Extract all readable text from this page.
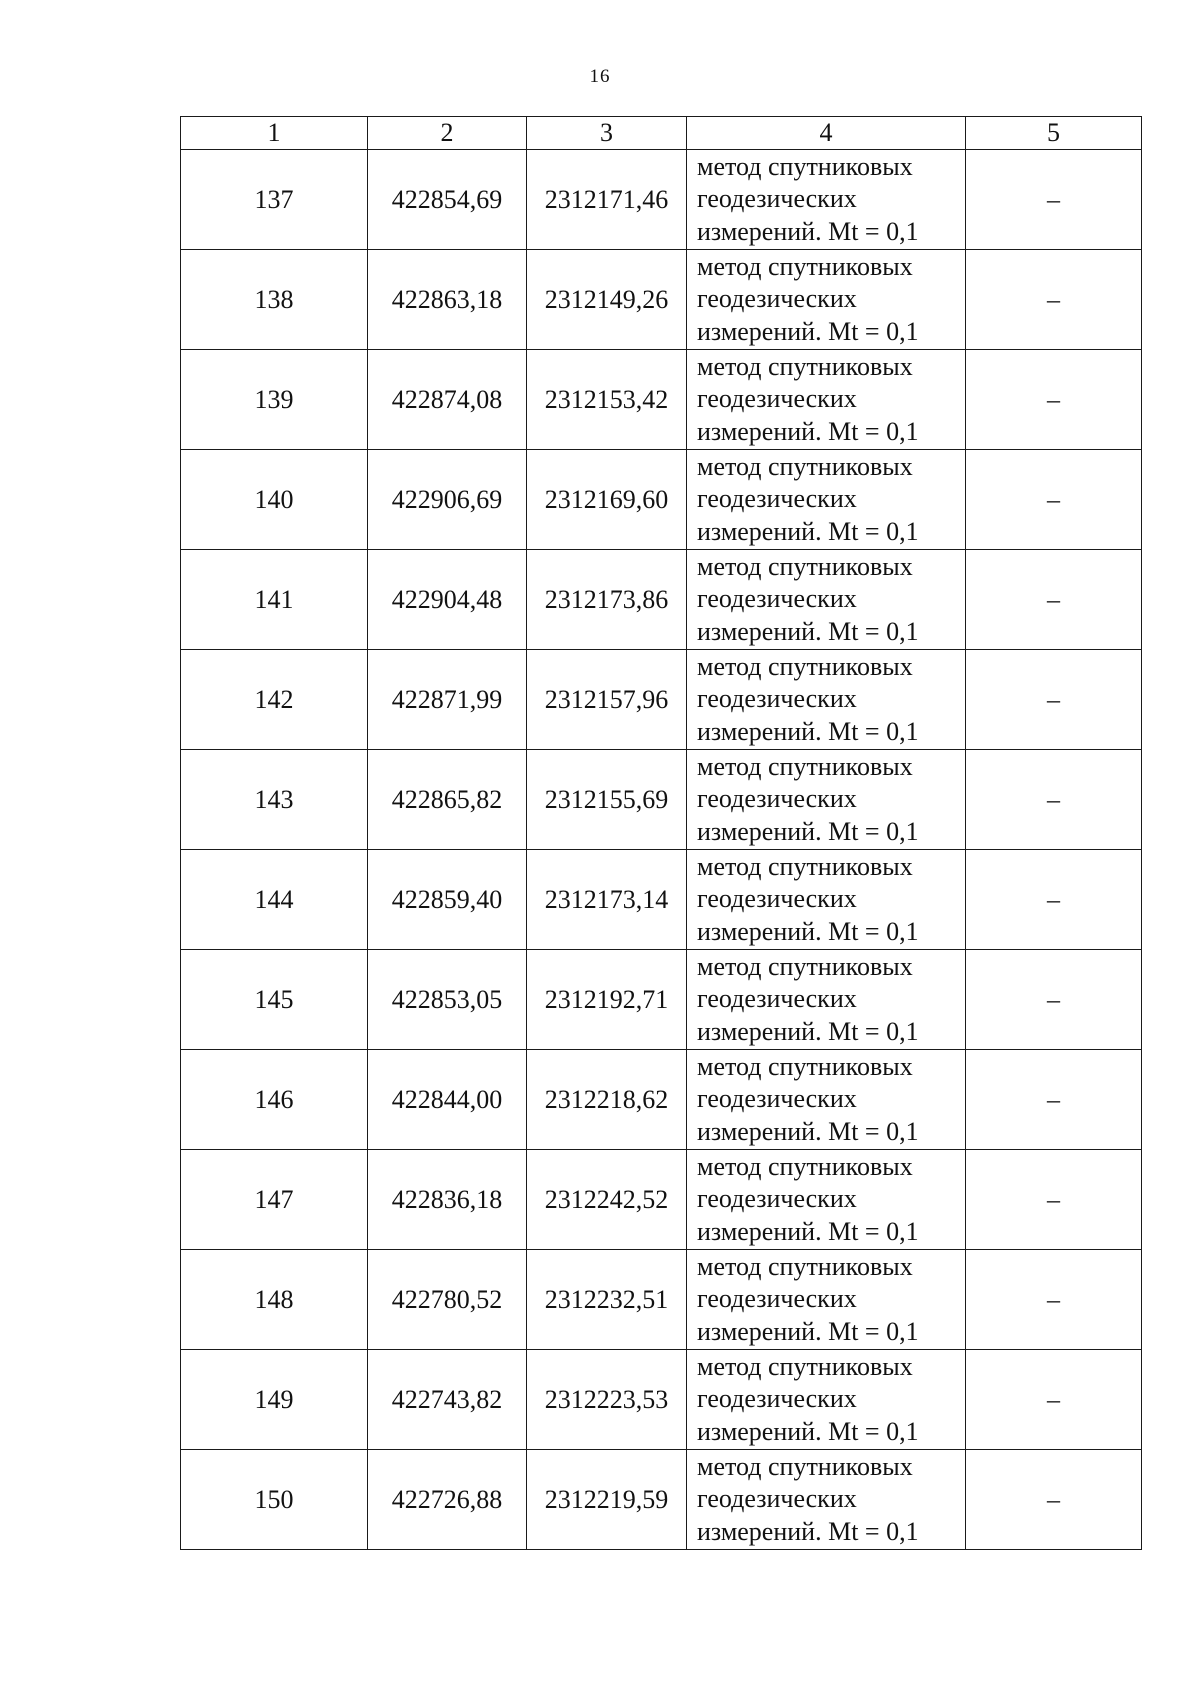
16
1	2	3	4	5
137	422854,69	2312171,46	метод спутниковых
геодезических
измерений. Mt = 0,1	–
138	422863,18	2312149,26	метод спутниковых
геодезических
измерений. Mt = 0,1	–
139	422874,08	2312153,42	метод спутниковых
геодезических
измерений. Mt = 0,1	–
140	422906,69	2312169,60	метод спутниковых
геодезических
измерений. Mt = 0,1	–
141	422904,48	2312173,86	метод спутниковых
геодезических
измерений. Mt = 0,1	–
142	422871,99	2312157,96	метод спутниковых
геодезических
измерений. Mt = 0,1	–
143	422865,82	2312155,69	метод спутниковых
геодезических
измерений. Mt = 0,1	–
144	422859,40	2312173,14	метод спутниковых
геодезических
измерений. Mt = 0,1	–
145	422853,05	2312192,71	метод спутниковых
геодезических
измерений. Mt = 0,1	–
146	422844,00	2312218,62	метод спутниковых
геодезических
измерений. Mt = 0,1	–
147	422836,18	2312242,52	метод спутниковых
геодезических
измерений. Mt = 0,1	–
148	422780,52	2312232,51	метод спутниковых
геодезических
измерений. Mt = 0,1	–
149	422743,82	2312223,53	метод спутниковых
геодезических
измерений. Mt = 0,1	–
150	422726,88	2312219,59	метод спутниковых
геодезических
измерений. Mt = 0,1	–
